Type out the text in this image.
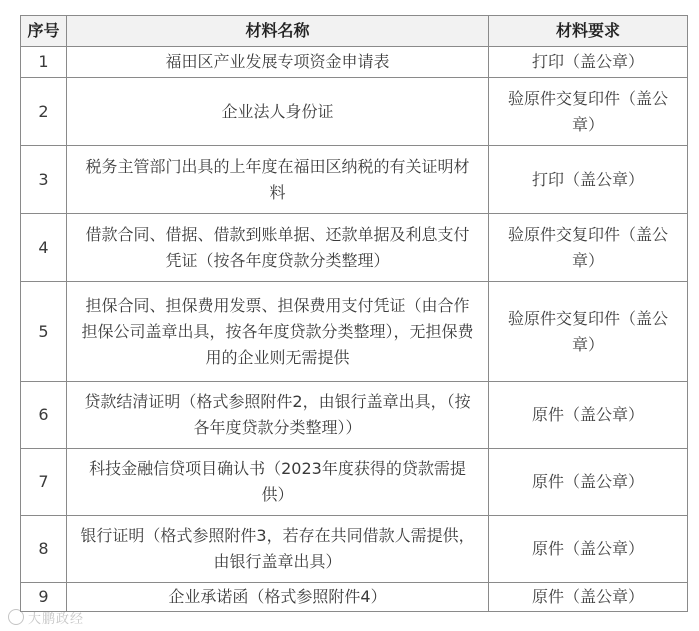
序号	材料名称	材料要求
1	福田区产业发展专项资金申请表	打印（盖公章）
2	企业法人身份证	验原件交复印件（盖公章）
3	税务主管部门出具的上年度在福田区纳税的有关证明材料	打印（盖公章）
4	借款合同、借据、借款到账单据、还款单据及利息支付凭证（按各年度贷款分类整理）	验原件交复印件（盖公章）
5	担保合同、担保费用发票、担保费用支付凭证（由合作担保公司盖章出具，按各年度贷款分类整理），无担保费用的企业则无需提供	验原件交复印件（盖公章）
6	贷款结清证明（格式参照附件2，由银行盖章出具，（按各年度贷款分类整理））	原件（盖公章）
7	科技金融信贷项目确认书（2023年度获得的贷款需提供）	原件（盖公章）
8	银行证明（格式参照附件3，若存在共同借款人需提供，由银行盖章出具）	原件（盖公章）
9	企业承诺函（格式参照附件4）	原件（盖公章）
大鹏政经
